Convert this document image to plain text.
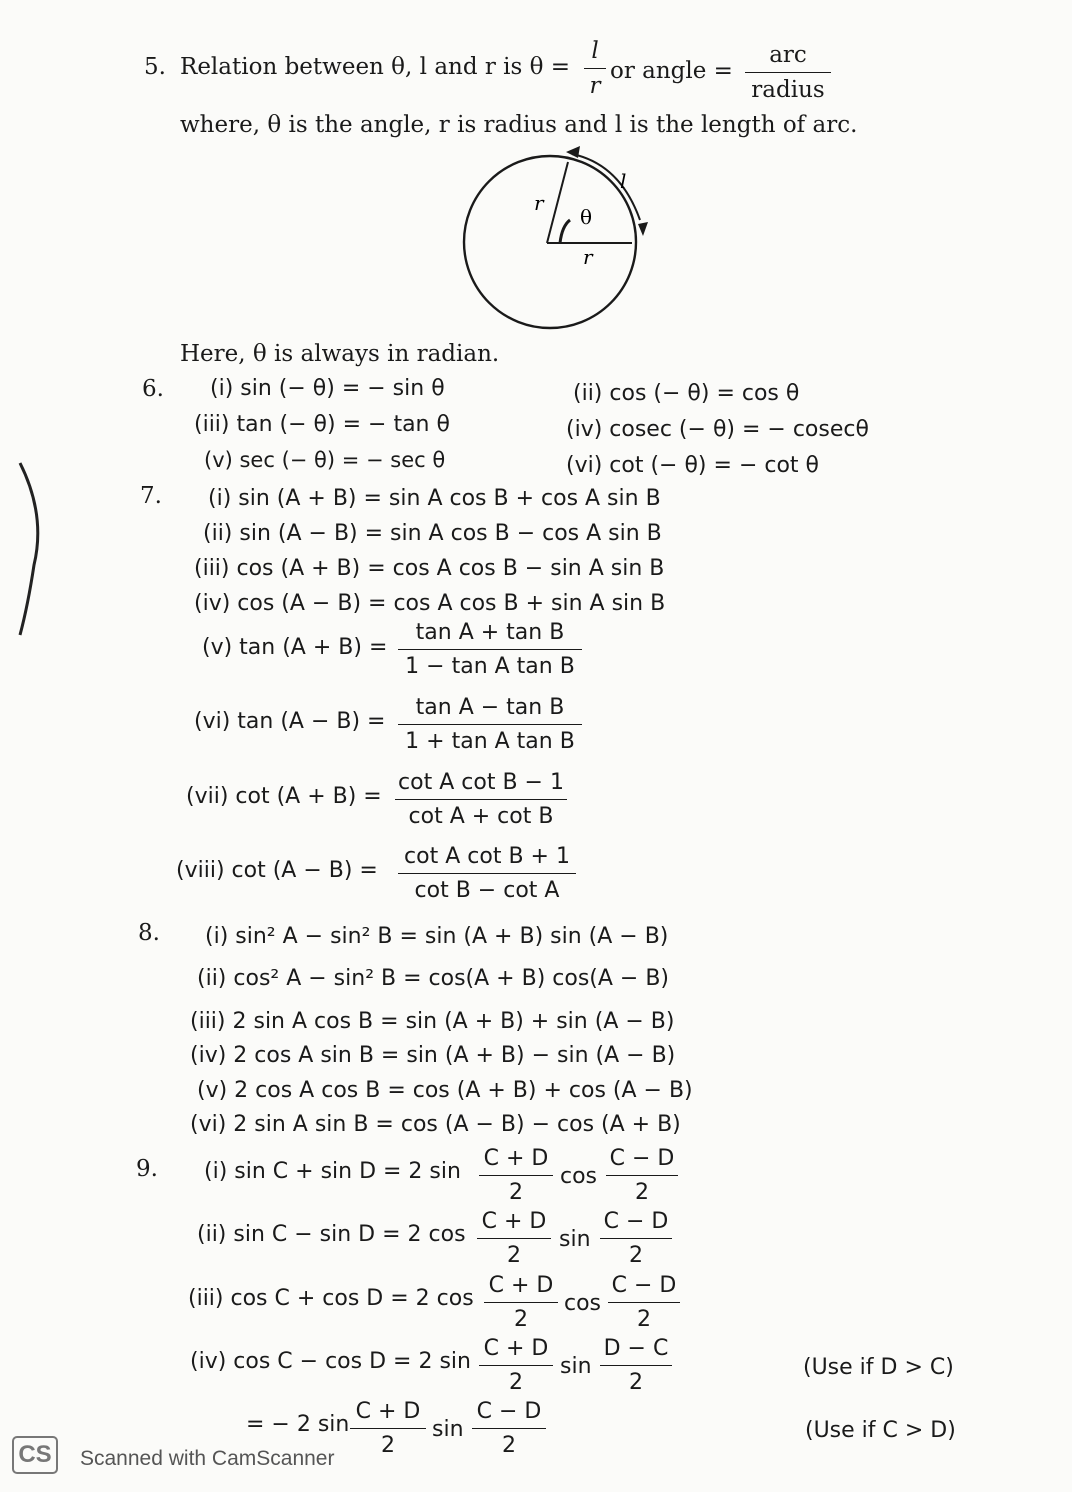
5. Relation between θ, l and r is θ =
l
r
or angle =
arc
radius
where, θ is the angle, r is radius and l is the length of arc.
r
θ
r
l
Here, θ is always in radian.
6. (i) sin (− θ) = − sin θ	(ii) cos (− θ) = cos θ
(iii) tan (− θ) = − tan θ	(iv) cosec (− θ) = − cosecθ
(v) sec (− θ) = − sec θ	(vi) cot (− θ) = − cot θ
7. (i) sin (A + B) = sin A cos B + cos A sin B
(ii) sin (A − B) = sin A cos B − cos A sin B
(iii) cos (A + B) = cos A cos B − sin A sin B
(iv) cos (A − B) = cos A cos B + sin A sin B
(v) tan (A + B) =
tan A + tan B
1 − tan A tan B
(vi) tan (A − B) =
tan A − tan B
1 + tan A tan B
(vii) cot (A + B) =
cot A cot B − 1
cot A + cot B
(viii) cot (A − B) =
cot A cot B + 1
cot B − cot A
8. (i) sin² A − sin² B = sin (A + B) sin (A − B)
(ii) cos² A − sin² B = cos(A + B) cos(A − B)
(iii) 2 sin A cos B = sin (A + B) + sin (A − B)
(iv) 2 cos A sin B = sin (A + B) − sin (A − B)
(v) 2 cos A cos B = cos (A + B) + cos (A − B)
(vi) 2 sin A sin B = cos (A − B) − cos (A + B)
9. (i) sin C + sin D = 2 sin
C + D
2
cos
C − D
2
(ii) sin C − sin D = 2 cos
C + D
2
sin
C − D
2
(iii) cos C + cos D = 2 cos
C + D
2
cos
C − D
2
(iv) cos C − cos D = 2 sin
C + D
2
sin
D − C
2
(Use if D > C)
= − 2 sin
C + D
2
sin
C − D
2
(Use if C > D)
CS	Scanned with CamScanner
